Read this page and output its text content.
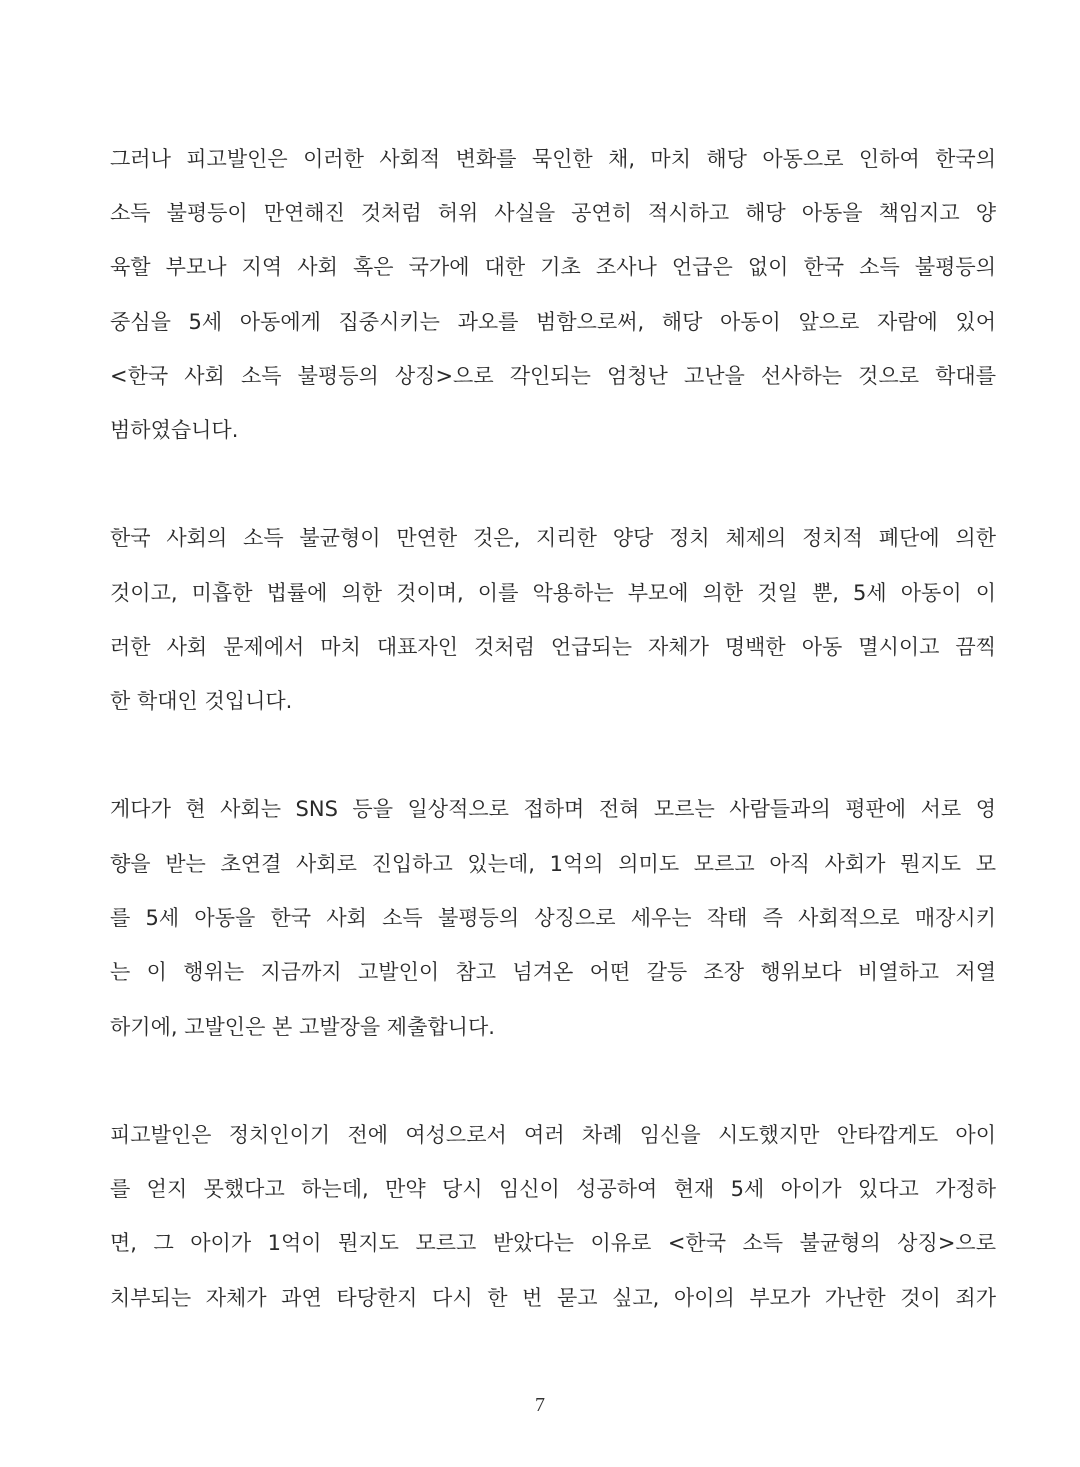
그러나 피고발인은 이러한 사회적 변화를 묵인한 채, 마치 해당 아동으로 인하여 한국의
소득 불평등이 만연해진 것처럼 허위 사실을 공연히 적시하고 해당 아동을 책임지고 양
육할 부모나 지역 사회 혹은 국가에 대한 기초 조사나 언급은 없이 한국 소득 불평등의
중심을 5세 아동에게 집중시키는 과오를 범함으로써, 해당 아동이 앞으로 자람에 있어
<한국 사회 소득 불평등의 상징>으로 각인되는 엄청난 고난을 선사하는 것으로 학대를
범하였습니다.
한국 사회의 소득 불균형이 만연한 것은, 지리한 양당 정치 체제의 정치적 폐단에 의한
것이고, 미흡한 법률에 의한 것이며, 이를 악용하는 부모에 의한 것일 뿐, 5세 아동이 이
러한 사회 문제에서 마치 대표자인 것처럼 언급되는 자체가 명백한 아동 멸시이고 끔찍
한 학대인 것입니다.
게다가 현 사회는 SNS 등을 일상적으로 접하며 전혀 모르는 사람들과의 평판에 서로 영
향을 받는 초연결 사회로 진입하고 있는데, 1억의 의미도 모르고 아직 사회가 뭔지도 모
를 5세 아동을 한국 사회 소득 불평등의 상징으로 세우는 작태 즉 사회적으로 매장시키
는 이 행위는 지금까지 고발인이 참고 넘겨온 어떤 갈등 조장 행위보다 비열하고 저열
하기에, 고발인은 본 고발장을 제출합니다.
피고발인은 정치인이기 전에 여성으로서 여러 차례 임신을 시도했지만 안타깝게도 아이
를 얻지 못했다고 하는데, 만약 당시 임신이 성공하여 현재 5세 아이가 있다고 가정하
면, 그 아이가 1억이 뭔지도 모르고 받았다는 이유로 <한국 소득 불균형의 상징>으로
치부되는 자체가 과연 타당한지 다시 한 번 묻고 싶고, 아이의 부모가 가난한 것이 죄가
7
